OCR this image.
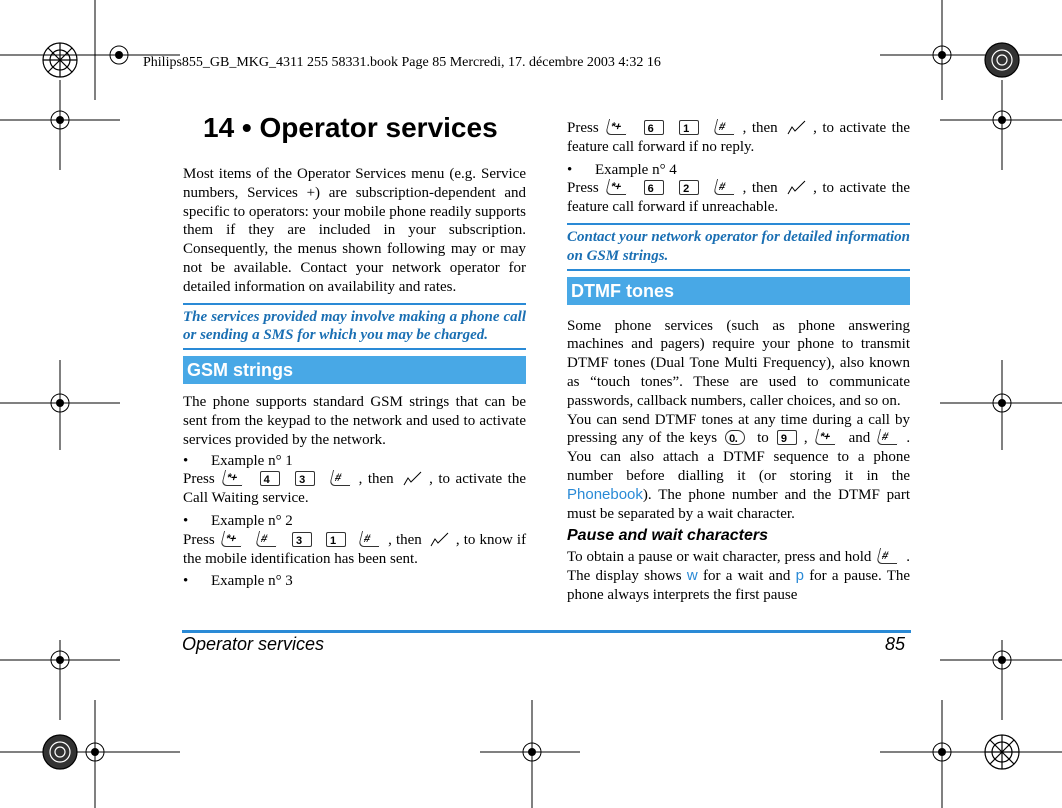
Philips855_GB_MKG_4311 255 58331.book Page 85 Mercredi, 17. décembre 2003 4:32 16
14 • Operator services

Most items of the Operator Services menu (e.g. Service numbers, Services +) are subscription-dependent and specific to operators: your mobile phone readily supports them if they are included in your subscription. Consequently, the menus shown following may or may not be available. Contact your network operator for detailed information on availability and rates.

The services provided may involve making a phone call or sending a SMS for which you may be charged.
GSM strings

The phone supports standard GSM strings that can be sent from the keypad to the network and used to activate services provided by the network.

• Example n° 1
Press *+
4
	3
	# , then , to activate the Call Waiting service.
• Example n° 2
Press *+
#
	3
	1
# , then , to know if the mobile identification has been sent.
• Example n° 3
Press *+
6
	1
	# , then , to activate the feature call forward if no reply.
• Example n° 4
Press *+
6
	2
	# , then , to activate the feature call forward if unreachable.
Contact your network operator for detailed information on GSM strings.
DTMF tones

Some phone services (such as phone answering machines and pagers) require your phone to transmit DTMF tones (Dual Tone Multi Frequency), also known as “touch tones”. These are used to communicate passwords, callback numbers, caller choices, and so on.

You can send DTMF tones at any time during a call by pressing any of the keys 0. to 9 , *+ and # . You can also attach a DTMF sequence to a phone number before dialling it (or storing it in the Phonebook). The phone number and the DTMF part must be separated by a wait character.
Pause and wait characters
To obtain a pause or wait character, press and hold # . The display shows w for a wait and p for a pause. The phone always interprets the first pause
Operator services	85
